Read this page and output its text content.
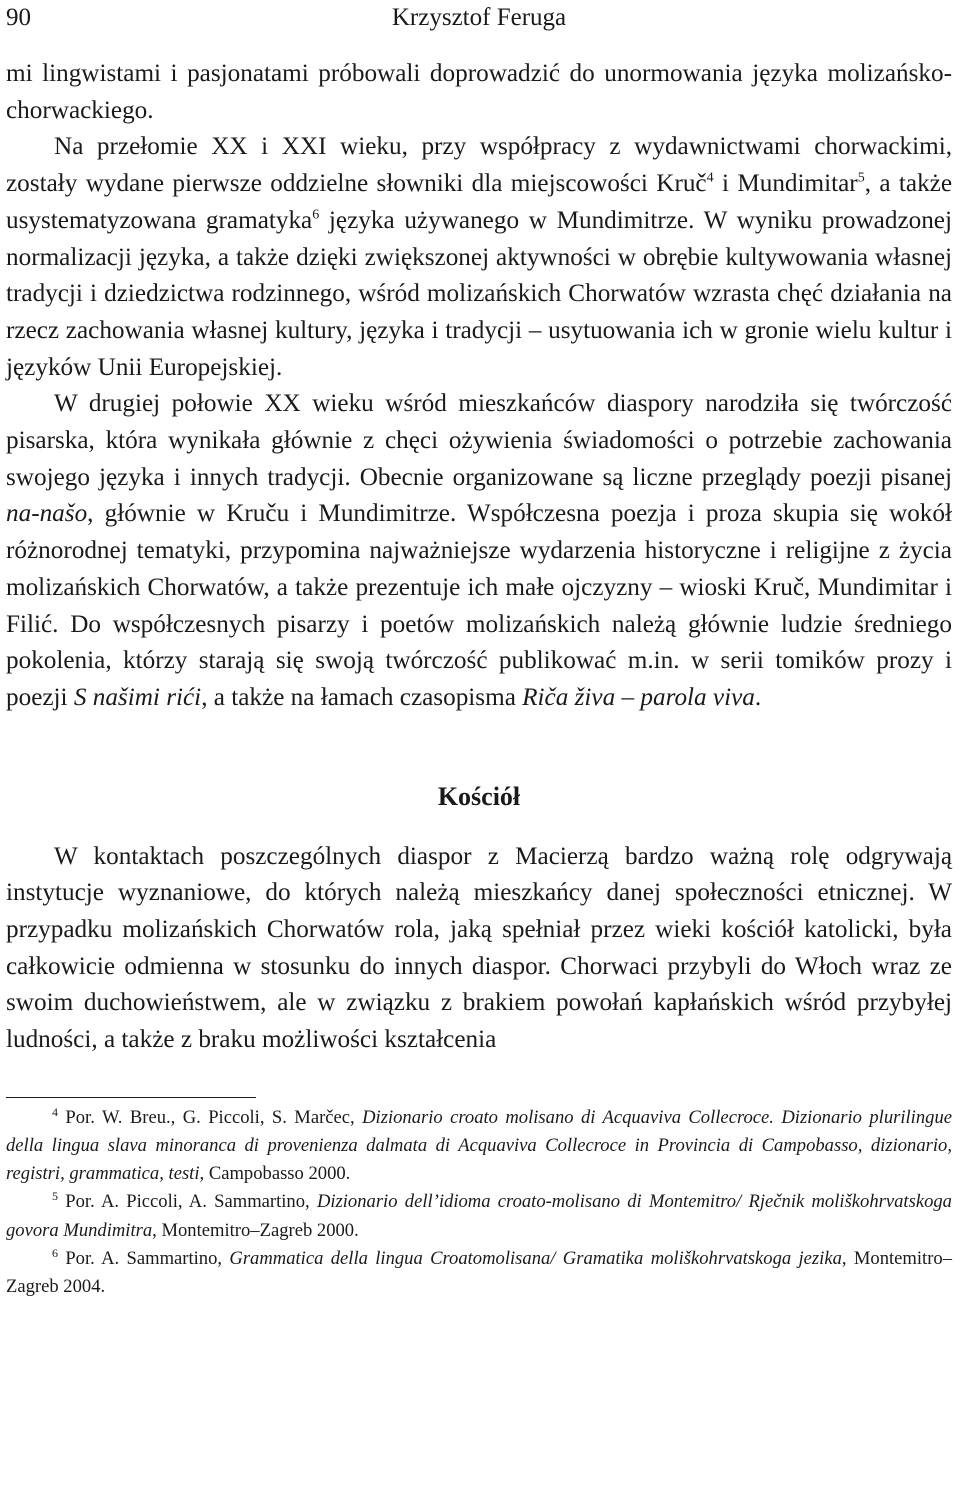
90	Krzysztof Feruga

mi lingwistami i pasjonatami próbowali doprowadzić do unormowania języka molizańsko-chorwackiego.

Na przełomie XX i XXI wieku, przy współpracy z wydawnictwami chorwackimi, zostały wydane pierwsze oddzielne słowniki dla miejscowości Kruč$^4$ i Mundimitar$^5$, a także usystematyzowana gramatyka$^6$ języka używanego w Mundimitrze. W wyniku prowadzonej normalizacji języka, a także dzięki zwiększonej aktywności w obrębie kultywowania własnej tradycji i dziedzictwa rodzinnego, wśród molizańskich Chorwatów wzrasta chęć działania na rzecz zachowania własnej kultury, języka i tradycji – usytuowania ich w gronie wielu kultur i języków Unii Europejskiej.

W drugiej połowie XX wieku wśród mieszkańców diaspory narodziła się twórczość pisarska, która wynikała głównie z chęci ożywienia świadomości o potrzebie zachowania swojego języka i innych tradycji. Obecnie organizowane są liczne przeglądy poezji pisanej na-našo, głównie w Kruču i Mundimitrze. Współczesna poezja i proza skupia się wokół różnorodnej tematyki, przypomina najważniejsze wydarzenia historyczne i religijne z życia molizańskich Chorwatów, a także prezentuje ich małe ojczyzny – wioski Kruč, Mundimitar i Filić. Do współczesnych pisarzy i poetów molizańskich należą głównie ludzie średniego pokolenia, którzy starają się swoją twórczość publikować m.in. w serii tomików prozy i poezji S našimi rići, a także na łamach czasopisma Riča živa – parola viva.

Kościół

W kontaktach poszczególnych diaspor z Macierzą bardzo ważną rolę odgrywają instytucje wyznaniowe, do których należą mieszkańcy danej społeczności etnicznej. W przypadku molizańskich Chorwatów rola, jaką spełniał przez wieki kościół katolicki, była całkowicie odmienna w stosunku do innych diaspor. Chorwaci przybyli do Włoch wraz ze swoim duchowieństwem, ale w związku z brakiem powołań kapłańskich wśród przybyłej ludności, a także z braku możliwości kształcenia

$^4$ Por. W. Breu., G. Piccoli, S. Marčec, Dizionario croato molisano di Acquaviva Collecroce. Dizionario plurilingue della lingua slava minoranca di provenienza dalmata di Acquaviva Collecroce in Provincia di Campobasso, dizionario, registri, grammatica, testi, Campobasso 2000.

$^5$ Por. A. Piccoli, A. Sammartino, Dizionario dell’idioma croato-molisano di Montemitro/ Rječnik moliškohrvatskoga govora Mundimitra, Montemitro–Zagreb 2000.

$^6$ Por. A. Sammartino, Grammatica della lingua Croatomolisana/ Gramatika moliškohrvatskoga jezika, Montemitro–Zagreb 2004.
